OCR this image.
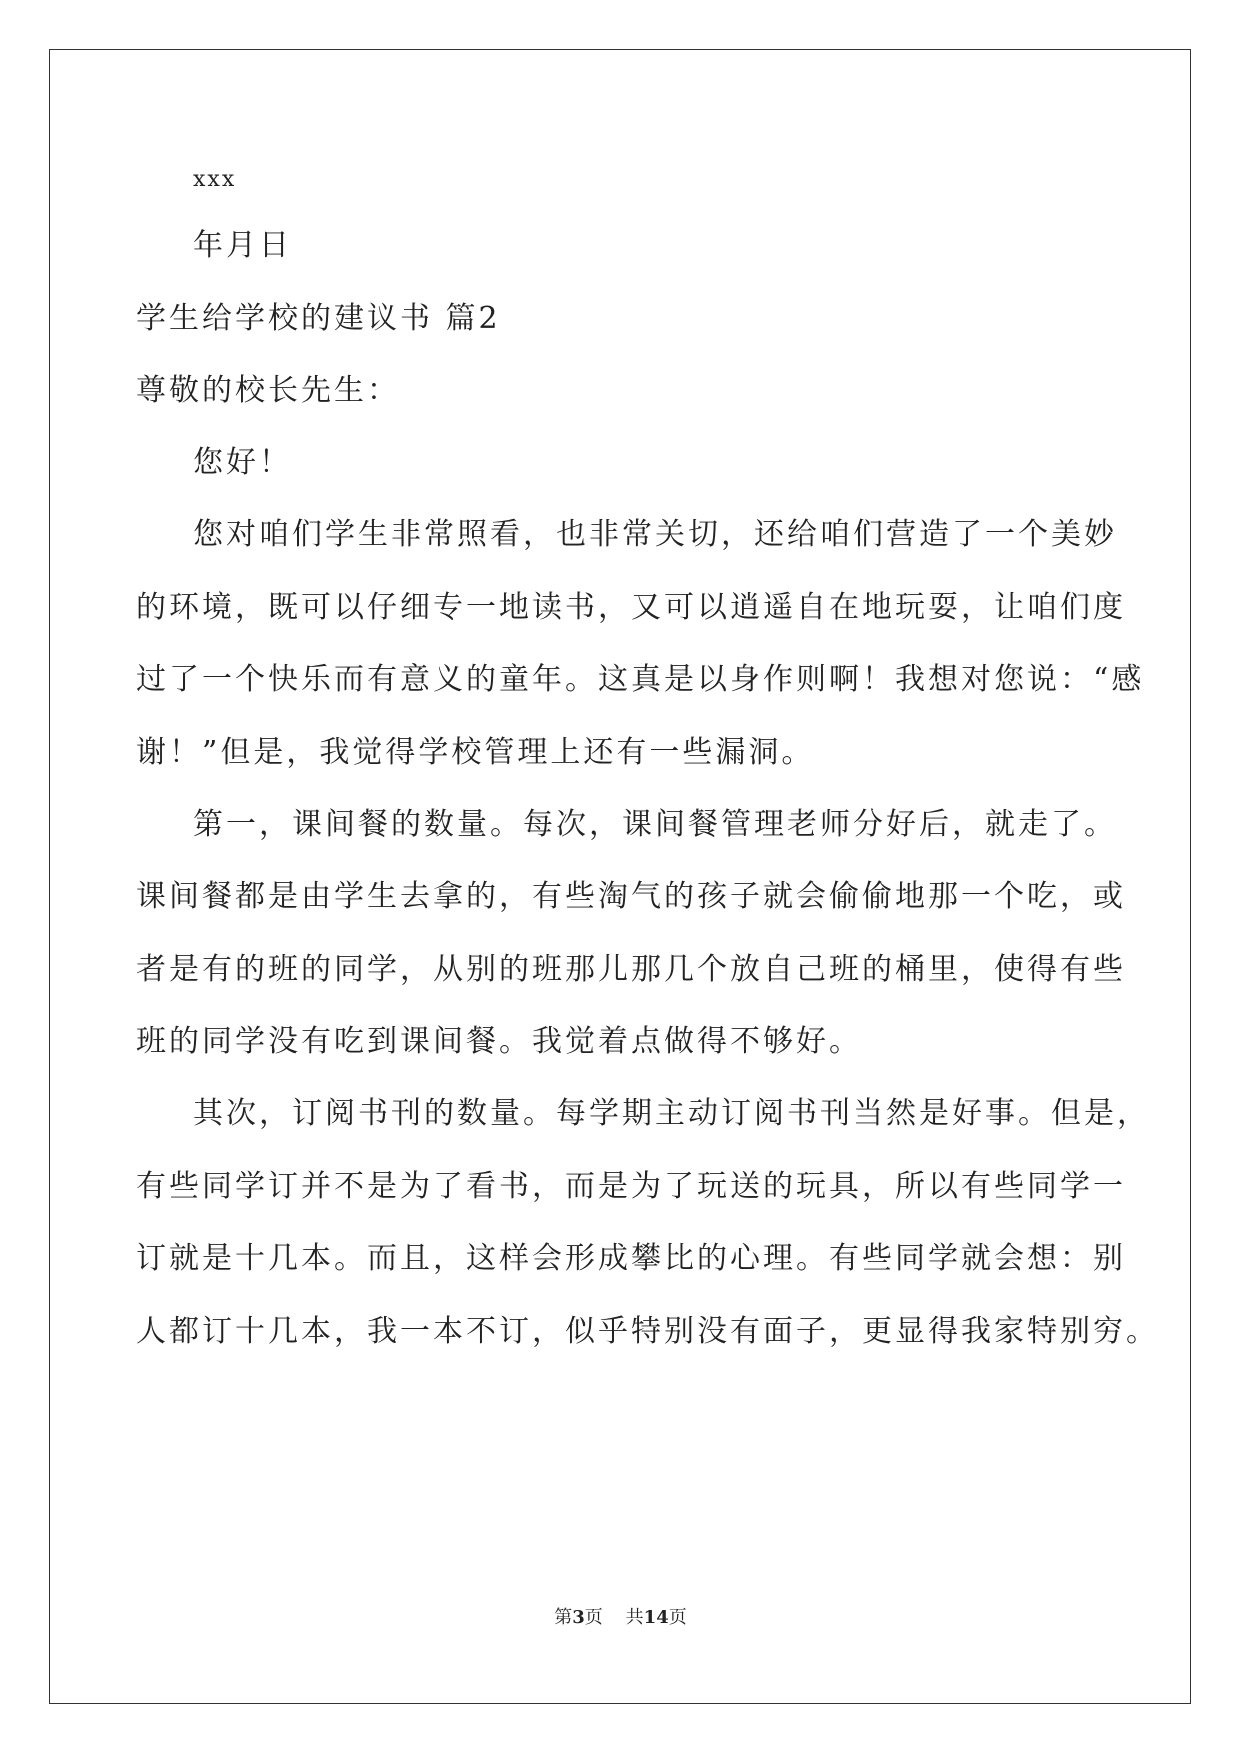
xxx
年月日
学生给学校的建议书 篇2
尊敬的校长先生：
您好！
您对咱们学生非常照看，也非常关切，还给咱们营造了一个美妙
的环境，既可以仔细专一地读书，又可以逍遥自在地玩耍，让咱们度
过了一个快乐而有意义的童年。这真是以身作则啊！我想对您说：“感
谢！”但是，我觉得学校管理上还有一些漏洞。
第一，课间餐的数量。每次，课间餐管理老师分好后，就走了。
课间餐都是由学生去拿的，有些淘气的孩子就会偷偷地那一个吃，或
者是有的班的同学，从别的班那儿那几个放自己班的桶里，使得有些
班的同学没有吃到课间餐。我觉着点做得不够好。
其次，订阅书刊的数量。每学期主动订阅书刊当然是好事。但是，
有些同学订并不是为了看书，而是为了玩送的玩具，所以有些同学一
订就是十几本。而且，这样会形成攀比的心理。有些同学就会想：别
人都订十几本，我一本不订，似乎特别没有面子，更显得我家特别穷。
第3页 共14页
